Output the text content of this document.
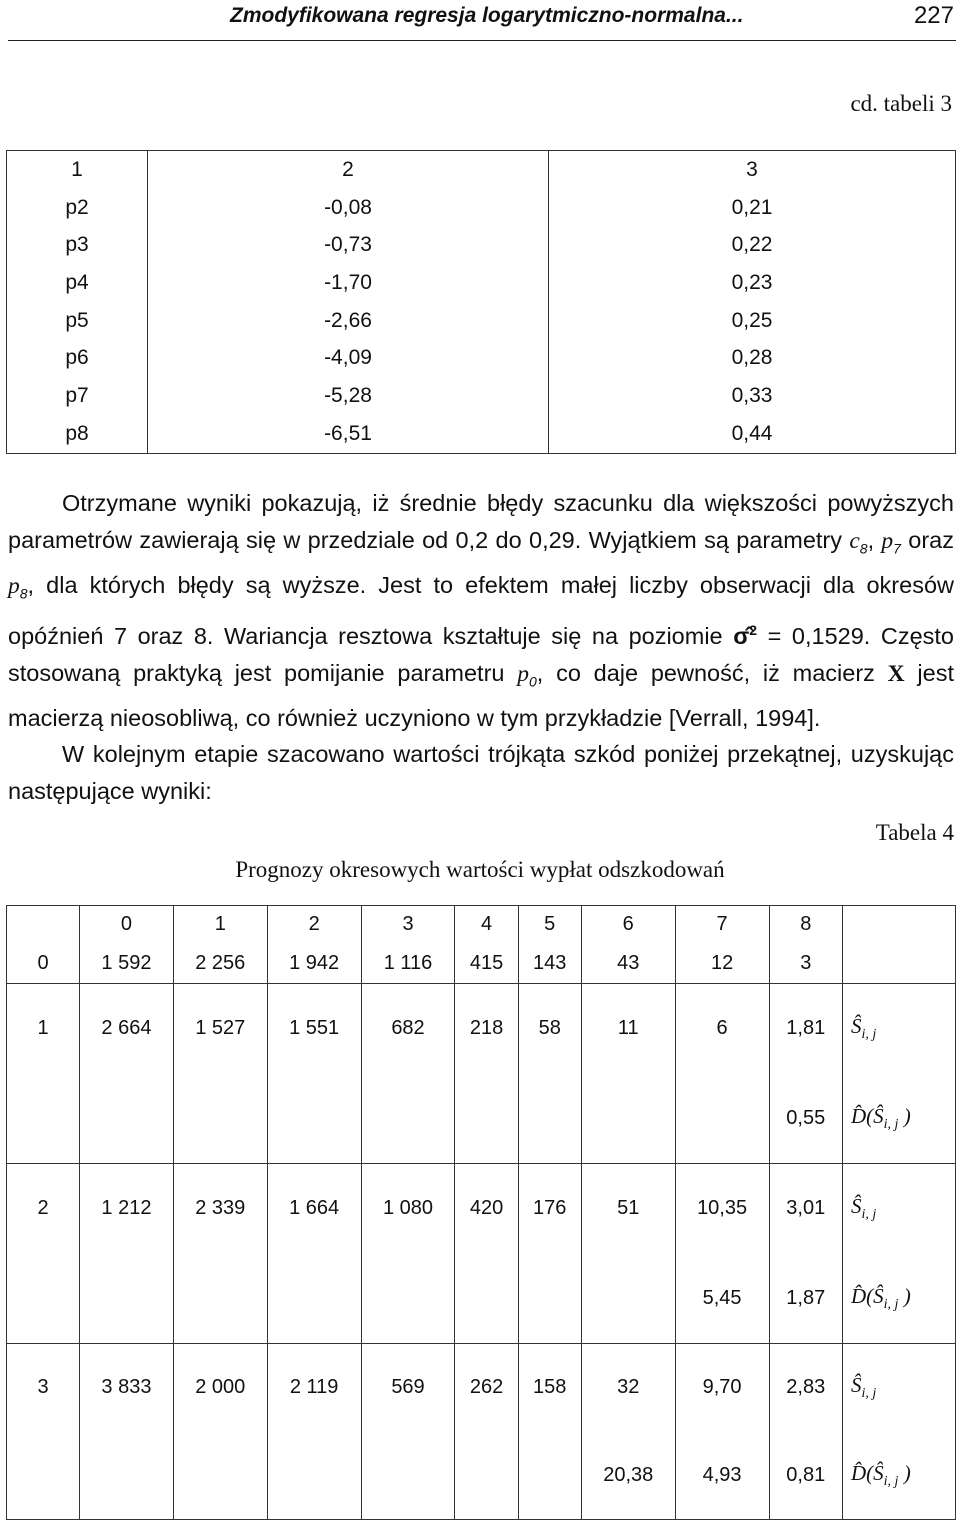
Zmodyfikowana regresja logarytmiczno-normalna...	227
cd. tabeli 3
1	2	3
p2	-0,08	0,21
p3	-0,73	0,22
p4	-1,70	0,23
p5	-2,66	0,25
p6	-4,09	0,28
p7	-5,28	0,33
p8	-6,51	0,44

Otrzymane wyniki pokazują, iż średnie błędy szacunku dla większości powyższych parametrów zawierają się w przedziale od 0,2 do 0,29. Wyjątkiem są parametry $c_8$, $p_7$ oraz $p_8$, dla których błędy są wyższe. Jest to efektem małej liczby obserwacji dla okresów opóźnień 7 oraz 8. Wariancja resztowa kształtuje się na poziomie σ̂$^2$ = 0,1529. Często stosowaną praktyką jest pomijanie parametru $p_0$, co daje pewność, iż macierz X jest macierzą nieosobliwą, co również uczyniono w tym przykładzie [Verrall, 1994].

W kolejnym etapie szacowano wartości trójkąta szkód poniżej przekątnej, uzyskując następujące wyniki:

Tabela 4
Prognozy okresowych wartości wypłat odszkodowań
	0	1	2	3	4	5	6	7	8	
0	1 592	2 256	1 942	1 116	415	143	43	12	3	
1	2 664	1 527	1 551	682	218	58	11	6	1,81	$Ŝ_{i, j}$
									0,55	$D̂(Ŝ_{i, j}$ )
2	1 212	2 339	1 664	1 080	420	176	51	10,35	3,01	$Ŝ_{i, j}$
								5,45	1,87	$D̂(Ŝ_{i, j}$ )
3	3 833	2 000	2 119	569	262	158	32	9,70	2,83	$Ŝ_{i, j}$
							20,38	4,93	0,81	$D̂(Ŝ_{i, j}$ )
